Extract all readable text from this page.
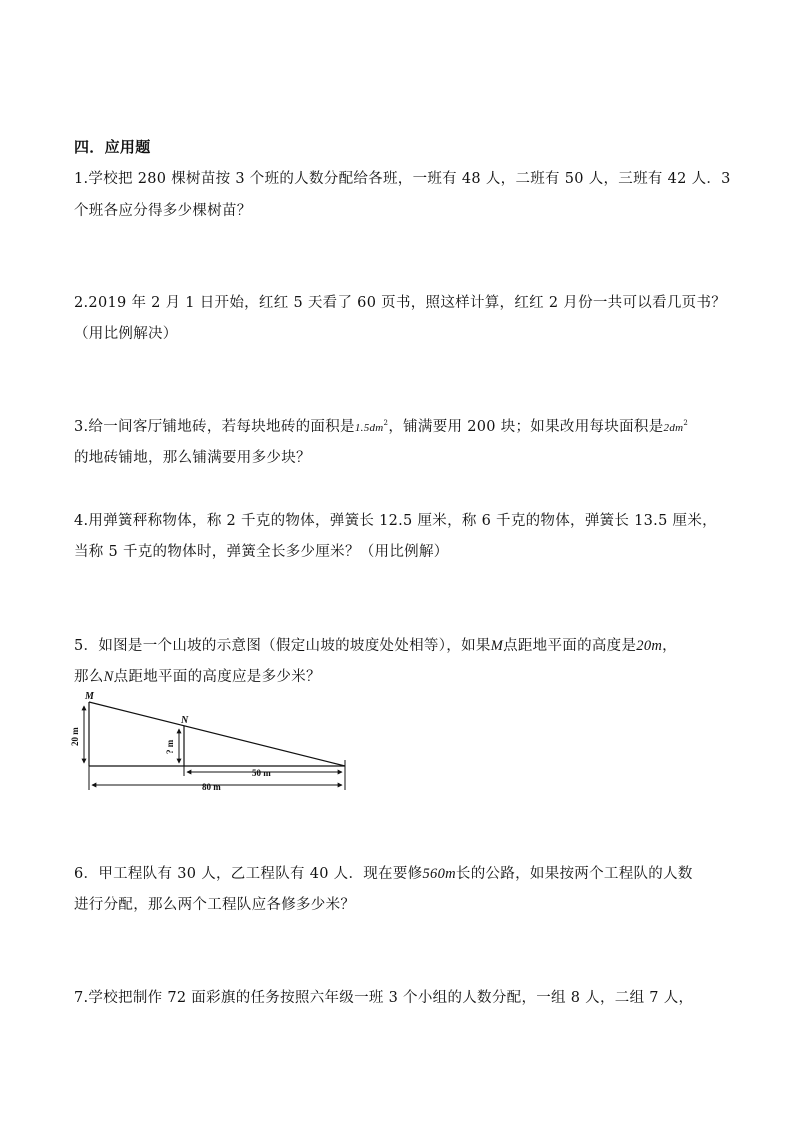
四．应用题
1.学校把 280 棵树苗按 3 个班的人数分配给各班，一班有 48 人，二班有 50 人，三班有 42 人．3
个班各应分得多少棵树苗？
2.2019 年 2 月 1 日开始，红红 5 天看了 60 页书，照这样计算，红红 2 月份一共可以看几页书？
（用比例解决）
3.给一间客厅铺地砖，若每块地砖的面积是$1.5dm^2$，铺满要用 200 块；如果改用每块面积是$2dm^2$
的地砖铺地，那么铺满要用多少块？
4.用弹簧秤称物体，称 2 千克的物体，弹簧长 12.5 厘米，称 6 千克的物体，弹簧长 13.5 厘米，
当称 5 千克的物体时，弹簧全长多少厘米？（用比例解）
5．如图是一个山坡的示意图（假定山坡的坡度处处相等），如果M点距地平面的高度是20m，
那么N点距地平面的高度应是多少米？
M
N
20 m
? m
50 m
80 m
6．甲工程队有 30 人，乙工程队有 40 人．现在要修560m长的公路，如果按两个工程队的人数
进行分配，那么两个工程队应各修多少米？
7.学校把制作 72 面彩旗的任务按照六年级一班 3 个小组的人数分配，一组 8 人，二组 7 人，
